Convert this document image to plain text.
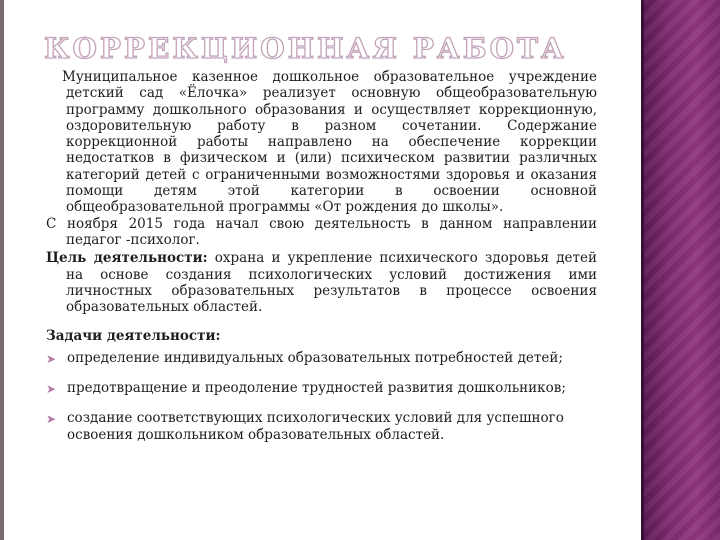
КОРРЕКЦИОННАЯ РАБОТА

Муниципальное казенное дошкольное образовательное учреждение детский сад «Ёлочка» реализует основную общеобразовательную программу дошкольного образования и осуществляет коррекционную, оздоровительную работу в разном сочетании. Содержание коррекционной работы направлено на обеспечение коррекции недостатков в физическом и (или) психическом развитии различных категорий детей с ограниченными возможностями здоровья и оказания помощи детям этой категории в освоении основной общеобразовательной программы «От рождения до школы».

С ноября 2015 года начал свою деятельность в данном направлении педагог -психолог.

Цель деятельности: охрана и укрепление психического здоровья детей на основе создания психологических условий достижения ими личностных образовательных результатов в процессе освоения образовательных областей.

Задачи деятельности:

➤ определение индивидуальных образовательных потребностей детей;
➤ предотвращение и преодоление трудностей развития дошкольников;
➤ создание соответствующих психологических условий для успешного освоения дошкольником образовательных областей.
